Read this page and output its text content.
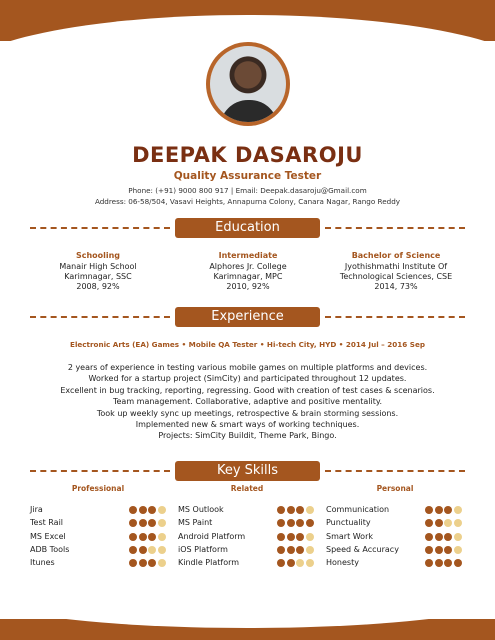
DEEPAK DASAROJU
Quality Assurance Tester
Phone: (+91) 9000 800 917 | Email: Deepak.dasaroju@Gmail.com
Address: 06-58/504, Vasavi Heights, Annapurna Colony, Canara Nagar, Rango Reddy
Education
Schooling
Manair High School
Karimnagar, SSC
2008, 92%
Intermediate
Alphores Jr. College
Karimnagar, MPC
2010, 92%
Bachelor of Science
Jyothishmathi Institute Of
Technological Sciences, CSE
2014, 73%
Experience
Electronic Arts (EA) Games • Mobile QA Tester • Hi-tech City, HYD • 2014 Jul – 2016 Sep
2 years of experience in testing various mobile games on multiple platforms and devices.
Worked for a startup project (SimCity) and participated throughout 12 updates.
Excellent in bug tracking, reporting, regressing. Good with creation of test cases & scenarios.
Team management. Collaborative, adaptive and positive mentality.
Took up weekly sync up meetings, retrospective & brain storming sessions.
Implemented new & smart ways of working techniques.
Projects: SimCity Buildit, Theme Park, Bingo.
Key Skills
Professional	Related	Personal
Jira
Test Rail
MS Excel
ADB Tools
Itunes
MS Outlook
MS Paint
Android Platform
iOS Platform
Kindle Platform
Communication
Punctuality
Smart Work
Speed & Accuracy
Honesty
